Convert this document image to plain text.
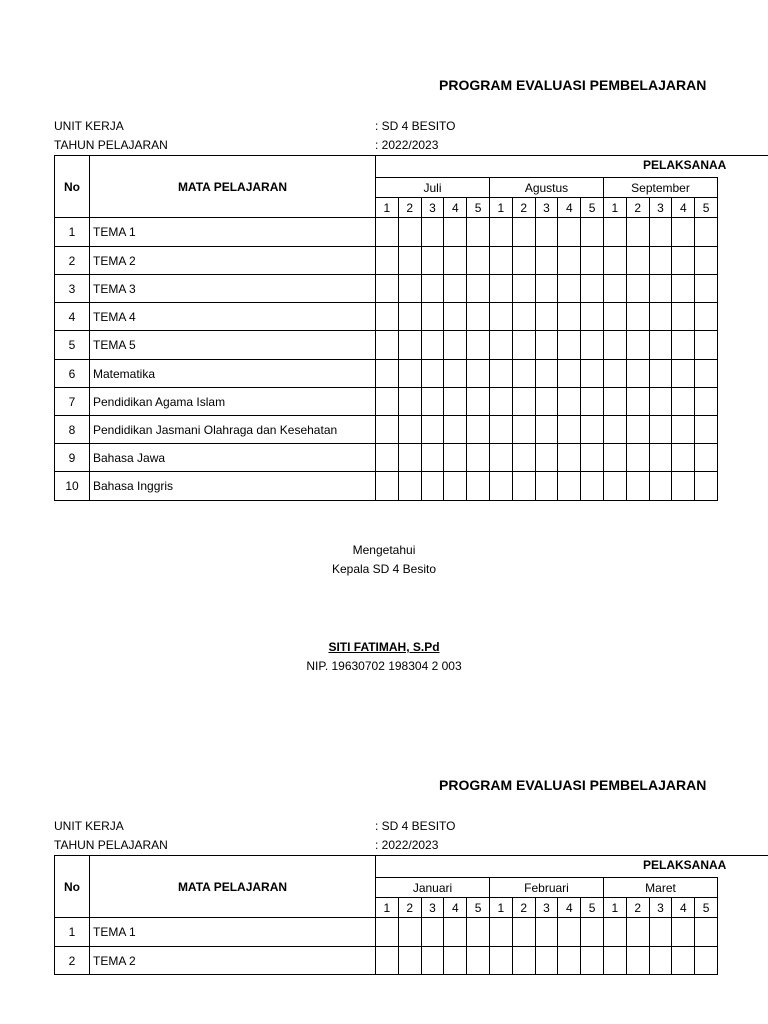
PROGRAM EVALUASI PEMBELAJARAN
UNIT KERJA	: SD 4 BESITO
TAHUN PELAJARAN	: 2022/2023
PELAKSANAA
No	MATA PELAJARAN	Juli	Agustus	September
1	2	3	4	5	1	2	3	4	5	1	2	3	4	5
1	TEMA 1
2	TEMA 2
3	TEMA 3
4	TEMA 4
5	TEMA 5
6	Matematika
7	Pendidikan Agama Islam
8	Pendidikan Jasmani Olahraga dan Kesehatan
9	Bahasa Jawa
10	Bahasa Inggris
Mengetahui
Kepala SD 4 Besito
SITI FATIMAH, S.Pd
NIP. 19630702 198304 2 003
PROGRAM EVALUASI PEMBELAJARAN
UNIT KERJA	: SD 4 BESITO
TAHUN PELAJARAN	: 2022/2023
PELAKSANAA
No	MATA PELAJARAN	Januari	Februari	Maret
1	2	3	4	5	1	2	3	4	5	1	2	3	4	5
1	TEMA 1
2	TEMA 2
